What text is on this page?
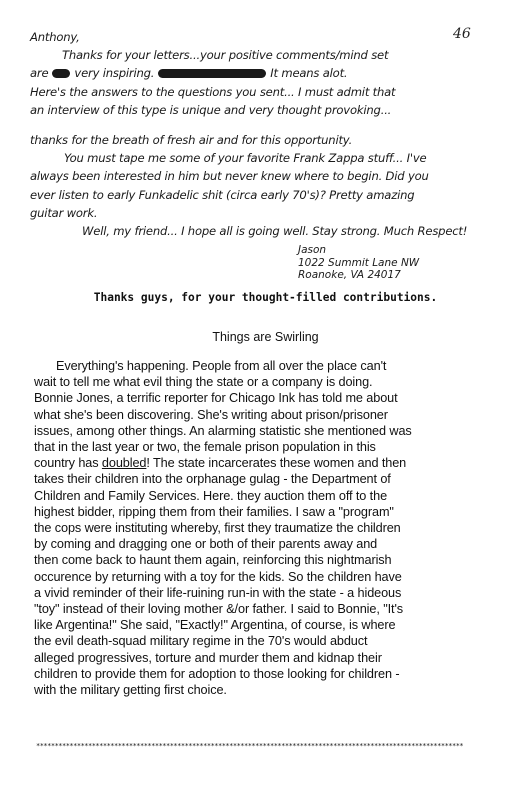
46
Anthony,
Thanks for your letters...your positive comments/mind set
are very inspiring.	It means alot.
Here's the answers to the questions you sent... I must admit that
an interview of this type is unique and very thought provoking...
thanks for the breath of fresh air and for this opportunity.
You must tape me some of your favorite Frank Zappa stuff... I've
always been interested in him but never knew where to begin. Did you
ever listen to early Funkadelic shit (circa early 70's)? Pretty amazing
guitar work.
Well, my friend... I hope all is going well. Stay strong. Much Respect!
Jason
1022 Summit Lane NW
Roanoke, VA 24017
Thanks guys, for your thought-filled contributions.
Things are Swirling
Everything's happening. People from all over the place can't
wait to tell me what evil thing the state or a company is doing.
Bonnie Jones, a terrific reporter for Chicago Ink has told me about
what she's been discovering. She's writing about prison/prisoner
issues, among other things. An alarming statistic she mentioned was
that in the last year or two, the female prison population in this
country has doubled! The state incarcerates these women and then
takes their children into the orphanage gulag - the Department of
Children and Family Services. Here. they auction them off to the
highest bidder, ripping them from their families. I saw a "program"
the cops were instituting whereby, first they traumatize the children
by coming and dragging one or both of their parents away and
then come back to haunt them again, reinforcing this nightmarish
occurence by returning with a toy for the kids. So the children have
a vivid reminder of their life-ruining run-in with the state - a hideous
"toy" instead of their loving mother &/or father. I said to Bonnie, "It's
like Argentina!" She said, "Exactly!" Argentina, of course, is where
the evil death-squad military regime in the 70's would abduct
alleged progressives, torture and murder them and kidnap their
children to provide them for adoption to those looking for children -
with the military getting first choice.
*******************************************************************************************************************
